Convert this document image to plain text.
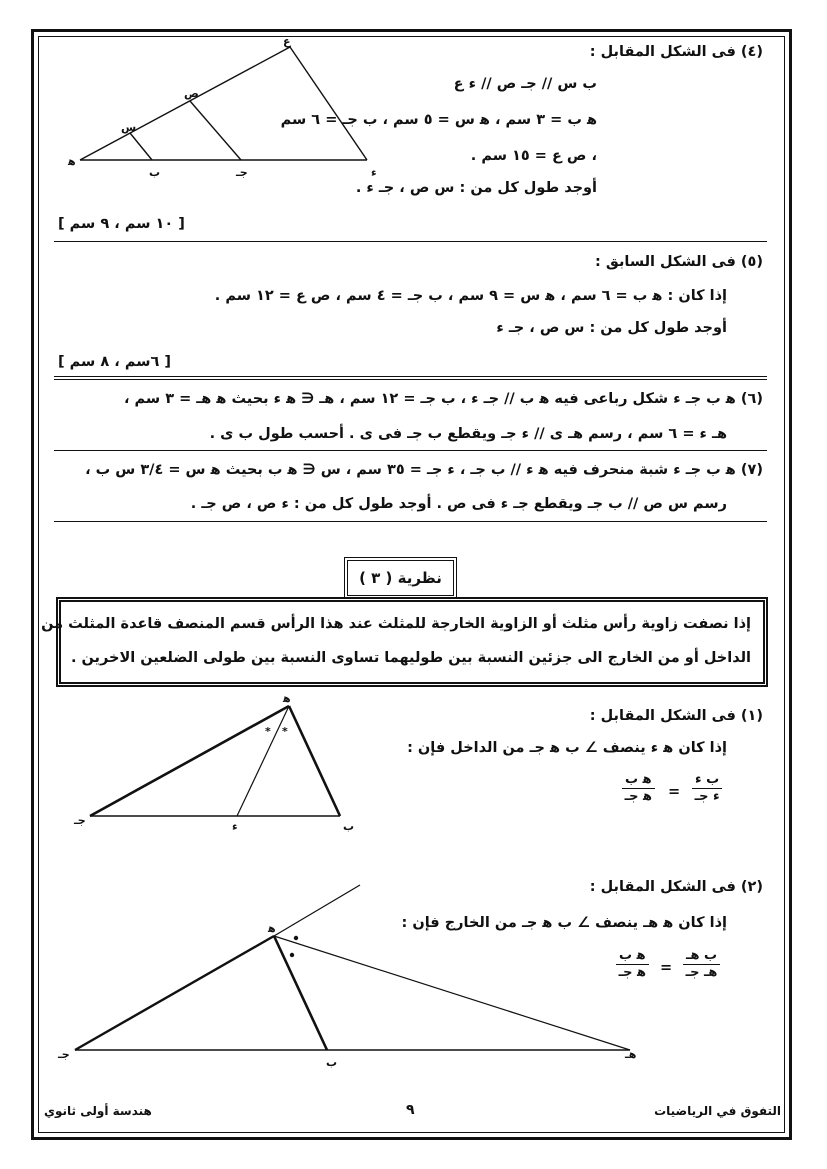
ﻫ
ب	جـ	ء
س
ص
ع
(٤) فى الشكل المقابل :
ب س // جـ ص // ء ع
ﻫ ب = ٣ سم ، ﻫ س = ٥ سم ، ب جـ = ٦ سم
، ص ع = ١٥ سم .
أوجد طول كل من : س ص ، جـ ء .
[ ١٠ سم ، ٩ سم ]
(٥) فى الشكل السابق :
إذا كان : ﻫ ب = ٦ سم ، ﻫ س = ٩ سم ، ب جـ = ٤ سم ، ص ع = ١٢ سم .
أوجد طول كل من : س ص ، جـ ء
[ ٦سم ، ٨ سم ]
(٦) ﻫ ب جـ ء شكل رباعى فيه ﻫ ب // جـ ء ، ب جـ = ١٢ سم ، ﻫـ ∈ ﻫ ء بحيث ﻫ ﻫـ = ٣ سم ،
ﻫـ ء = ٦ سم ، رسم ﻫـ ى // ء جـ ويقطع ب جـ فى ى . أحسب طول ب ى .
(٧) ﻫ ب جـ ء شبة منحرف فيه ﻫ ء // ب جـ ، ء جـ = ٣٥ سم ، س ∈ ﻫ ب بحيث ﻫ س = ٣/٤ س ب ،
رسم س ص // ب جـ ويقطع جـ ء فى ص . أوجد طول كل من : ء ص ، ص جـ .
نظرية ( ٣ )
إذا نصفت زاوية رأس مثلث أو الزاوية الخارجة للمثلث عند هذا الرأس قسم المنصف قاعدة المثلث من
الداخل أو من الخارج الى جزئين النسبة بين طوليهما تساوى النسبة بين طولى الضلعين الاخرين .
* *
ﻫ
ب
ء
جـ
(١) فى الشكل المقابل :
إذا كان ﻫ ء ينصف ∠ ب ﻫ جـ من الداخل فإن :
ب ء
ء جـ
=
ﻫ ب
ﻫ جـ
ﻫ
ب
جـ	ﻫـ
(٢) فى الشكل المقابل :
إذا كان ﻫ ﻫـ ينصف ∠ ب ﻫ جـ من الخارج فإن :
ب ﻫـ
ﻫـ جـ
=
ﻫ ب
ﻫ جـ
هندسة أولى ثانوي	٩	التفوق في الرياضيات
